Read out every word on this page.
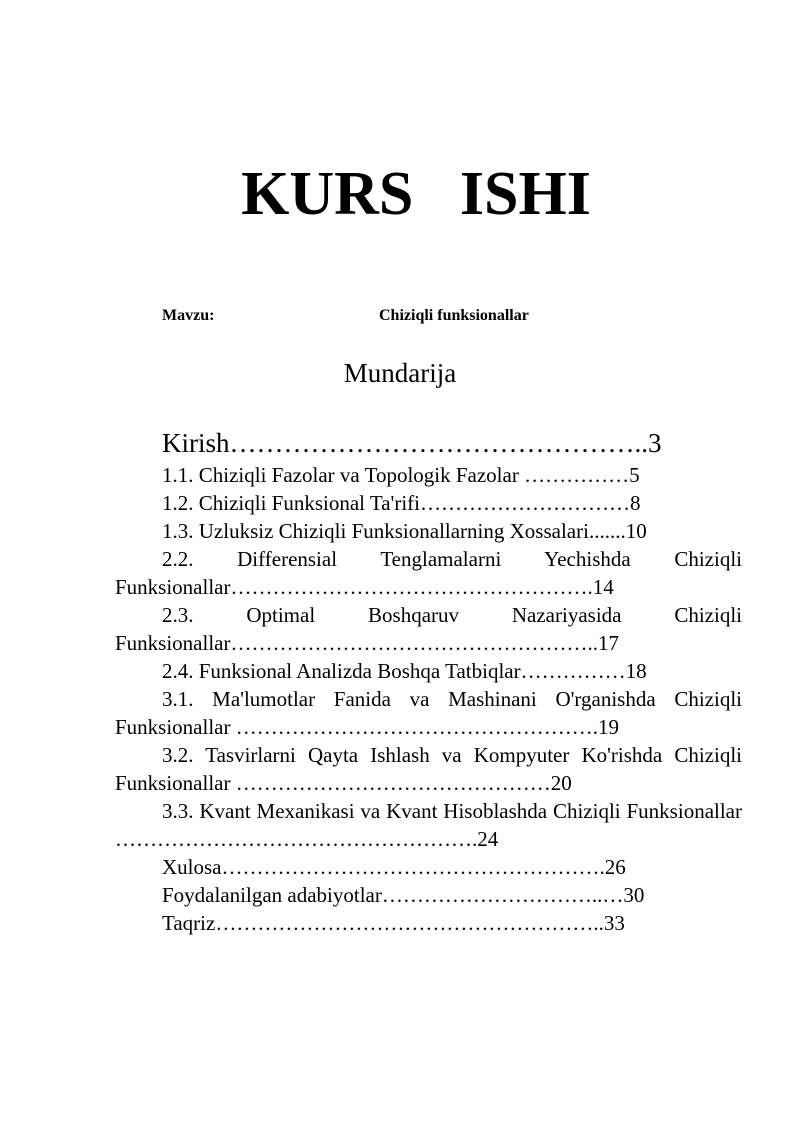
KURS   ISHI
Mavzu:	Chiziqli funksionallar
Mundarija
Kirish………………………………………..3
1.1. Chiziqli Fazolar va Topologik Fazolar ……………5
1.2. Chiziqli Funksional Ta'rifi…………………………8
1.3. Uzluksiz Chiziqli Funksionallarning Xossalari.......10
2.2. Differensial Tenglamalarni Yechishda Chiziqli Funksionallar…………………………………………….14
2.3. Optimal Boshqaruv Nazariyasida Chiziqli Funksionallar……………………………………………..17
2.4. Funksional Analizda Boshqa Tatbiqlar……………18
3.1. Ma'lumotlar Fanida va Mashinani O'rganishda Chiziqli Funksionallar …………………………………………….19
3.2. Tasvirlarni Qayta Ishlash va Kompyuter Ko'rishda Chiziqli Funksionallar ………………………………………20
3.3. Kvant Mexanikasi va Kvant Hisoblashda Chiziqli Funksionallar …………………………………………….24
Xulosa……………………………………………….26
Foydalanilgan adabiyotlar…………………………..…30
Taqriz………………………………………………..33
